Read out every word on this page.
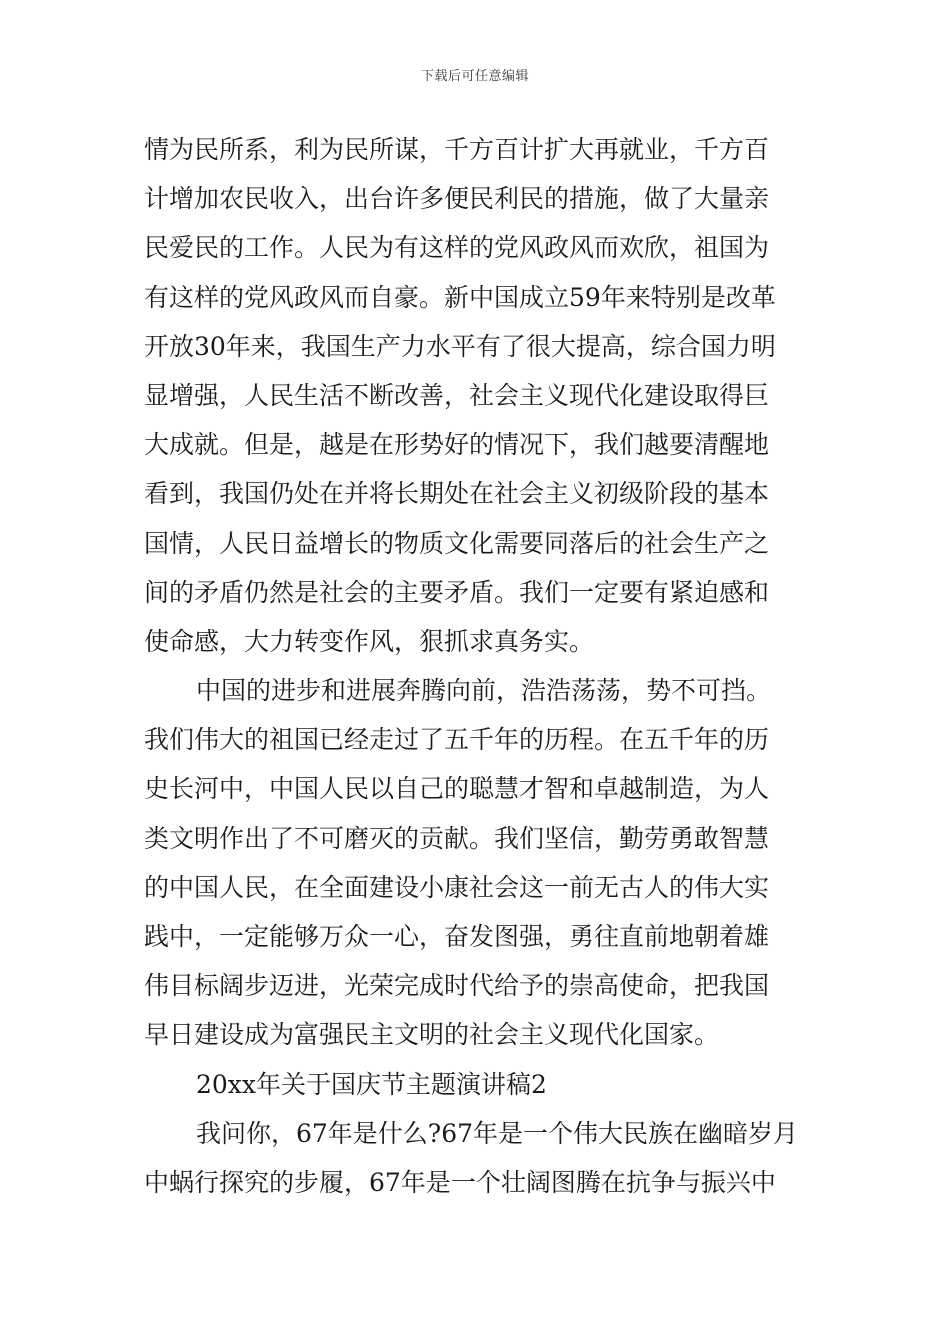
下载后可任意编辑
情为民所系，利为民所谋，千方百计扩大再就业，千方百
计增加农民收入，出台许多便民利民的措施，做了大量亲
民爱民的工作。人民为有这样的党风政风而欢欣，祖国为
有这样的党风政风而自豪。新中国成立59年来特别是改革
开放30年来，我国生产力水平有了很大提高，综合国力明
显增强，人民生活不断改善，社会主义现代化建设取得巨
大成就。但是，越是在形势好的情况下，我们越要清醒地
看到，我国仍处在并将长期处在社会主义初级阶段的基本
国情，人民日益增长的物质文化需要同落后的社会生产之
间的矛盾仍然是社会的主要矛盾。我们一定要有紧迫感和
使命感，大力转变作风，狠抓求真务实。
中国的进步和进展奔腾向前，浩浩荡荡，势不可挡。
我们伟大的祖国已经走过了五千年的历程。在五千年的历
史长河中，中国人民以自己的聪慧才智和卓越制造，为人
类文明作出了不可磨灭的贡献。我们坚信，勤劳勇敢智慧
的中国人民，在全面建设小康社会这一前无古人的伟大实
践中，一定能够万众一心，奋发图强，勇往直前地朝着雄
伟目标阔步迈进，光荣完成时代给予的崇高使命，把我国
早日建设成为富强民主文明的社会主义现代化国家。
20xx年关于国庆节主题演讲稿2
我问你，67年是什么?67年是一个伟大民族在幽暗岁月
中蜗行探究的步履，67年是一个壮阔图腾在抗争与振兴中
